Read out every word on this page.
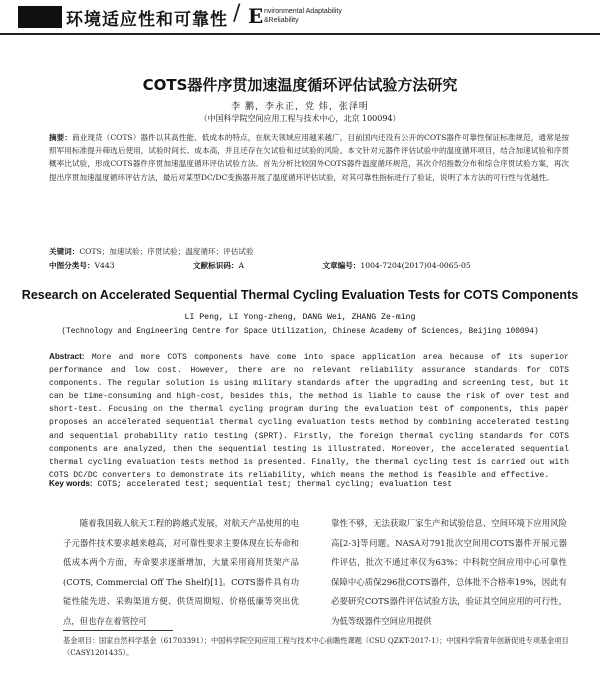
环境适应性和可靠性 / E nvironmental Adaptability
&Reliability
COTS器件序贯加速温度循环评估试验方法研究
李 鹏，李永正，党 炜，张泽明
（中国科学院空间应用工程与技术中心，北京 100094）
摘要：商业现货（COTS）器件以其高性能、低成本的特点，在航天领域应用越来越广，目前国内还没有公开的COTS器件可靠性保证标准规范，通常是按照军用标准提升筛选后使用，试验时间长、成本高，并且还存在欠试验和过试验的风险。本文针对元器件评估试验中的温度循环项目，结合加速试验和序贯概率比试验，形成COTS器件序贯加速温度循环评估试验方法。首先分析比较国外COTS器件温度循环规范，其次介绍指数分布和综合序贯试验方案，再次提出序贯加速温度循环评估方法，最后对某型DC/DC变换器开展了温度循环评估试验，对其可靠性指标进行了验证，说明了本方法的可行性与优越性。
关键词：COTS；加速试验；序贯试验；温度循环；评估试验
中图分类号：V443	文献标识码：A	文章编号：1004-7204(2017)04-0065-05
Research on Accelerated Sequential Thermal Cycling Evaluation Tests for COTS Components
LI Peng, LI Yong-zheng, DANG Wei, ZHANG Ze-ming
(Technology and Engineering Centre for Space Utilization, Chinese Academy of Sciences, Beijing 100094)
Abstract: More and more COTS components have come into space application area because of its superior performance and low cost. However, there are no relevant reliability assurance standards for COTS components. The regular solution is using military standards after the upgrading and screening test, but it can be time-consuming and high-cost, besides this, the method is liable to cause the risk of over test and short-test. Focusing on the thermal cycling program during the evaluation test of components, this paper proposes an accelerated sequential thermal cycling evaluation tests method by combining accelerated testing and sequential probability ratio testing (SPRT). Firstly, the foreign thermal cycling standards for COTS components are analyzed, then the sequential testing is illustrated. Moreover, the accelerated sequential thermal cycling evaluation tests method is presented. Finally, the thermal cycling test is carried out with COTS DC/DC converters to demonstrate its reliability, which means the method is feasible and effective.
Key words: COTS; accelerated test; sequential test; thermal cycling; evaluation test
随着我国载人航天工程的跨越式发展，对航天产品使用的电子元器件技术要求越来越高，对可靠性要求主要体现在长寿命和低成本两个方面，寿命要求逐渐增加，大量采用商用货架产品(COTS, Commercial Off The Shelf)[1]。COTS器件具有功能性能先进、采购渠道方便、供货周期短、价格低廉等突出优点，但也存在着管控可
靠性不够，无法获取厂家生产和试验信息、空间环境下应用风险高[2-3]等问题。NASA对791批次空间用COTS器件开展元器件评估，批次不通过率仅为63%；中科院空间应用中心可靠性保障中心质保296批COTS器件，总体批不合格率19%，因此有必要研究COTS器件评估试验方法，验证其空间应用的可行性，为低等级器件空间应用提供
基金项目：国家自然科学基金（61703391）；中国科学院空间应用工程与技术中心前瞻性课题（CSU QZKT-2017-1）；中国科学院青年创新促进专项基金项目（CASY1201435）。
